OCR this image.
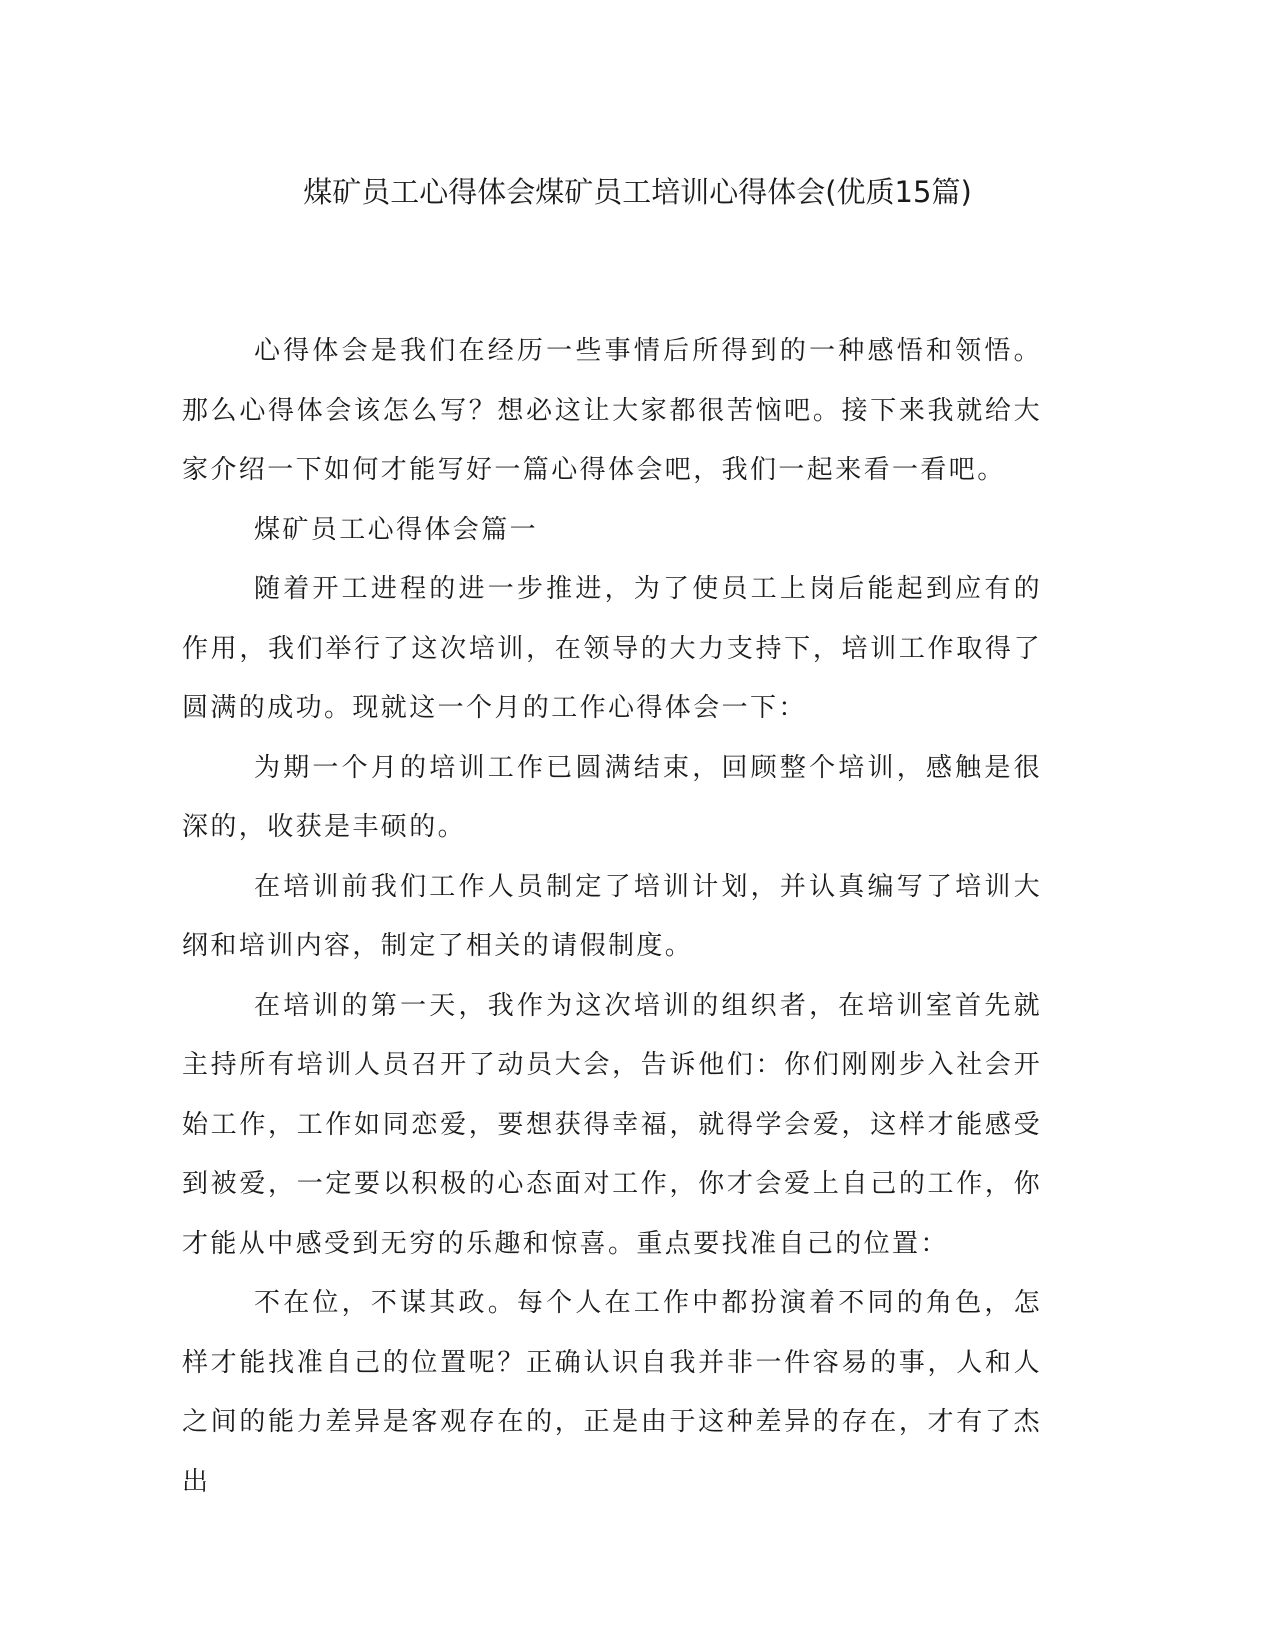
煤矿员工心得体会煤矿员工培训心得体会(优质15篇)

心得体会是我们在经历一些事情后所得到的一种感悟和领悟。那么心得体会该怎么写？想必这让大家都很苦恼吧。接下来我就给大家介绍一下如何才能写好一篇心得体会吧，我们一起来看一看吧。

煤矿员工心得体会篇一

随着开工进程的进一步推进，为了使员工上岗后能起到应有的作用，我们举行了这次培训，在领导的大力支持下，培训工作取得了圆满的成功。现就这一个月的工作心得体会一下：

为期一个月的培训工作已圆满结束，回顾整个培训，感触是很深的，收获是丰硕的。

在培训前我们工作人员制定了培训计划，并认真编写了培训大纲和培训内容，制定了相关的请假制度。

在培训的第一天，我作为这次培训的组织者，在培训室首先就主持所有培训人员召开了动员大会，告诉他们：你们刚刚步入社会开始工作，工作如同恋爱，要想获得幸福，就得学会爱，这样才能感受到被爱，一定要以积极的心态面对工作，你才会爱上自己的工作，你才能从中感受到无穷的乐趣和惊喜。重点要找准自己的位置：

不在位，不谋其政。每个人在工作中都扮演着不同的角色，怎样才能找准自己的位置呢？正确认识自我并非一件容易的事，人和人之间的能力差异是客观存在的，正是由于这种差异的存在，才有了杰出
